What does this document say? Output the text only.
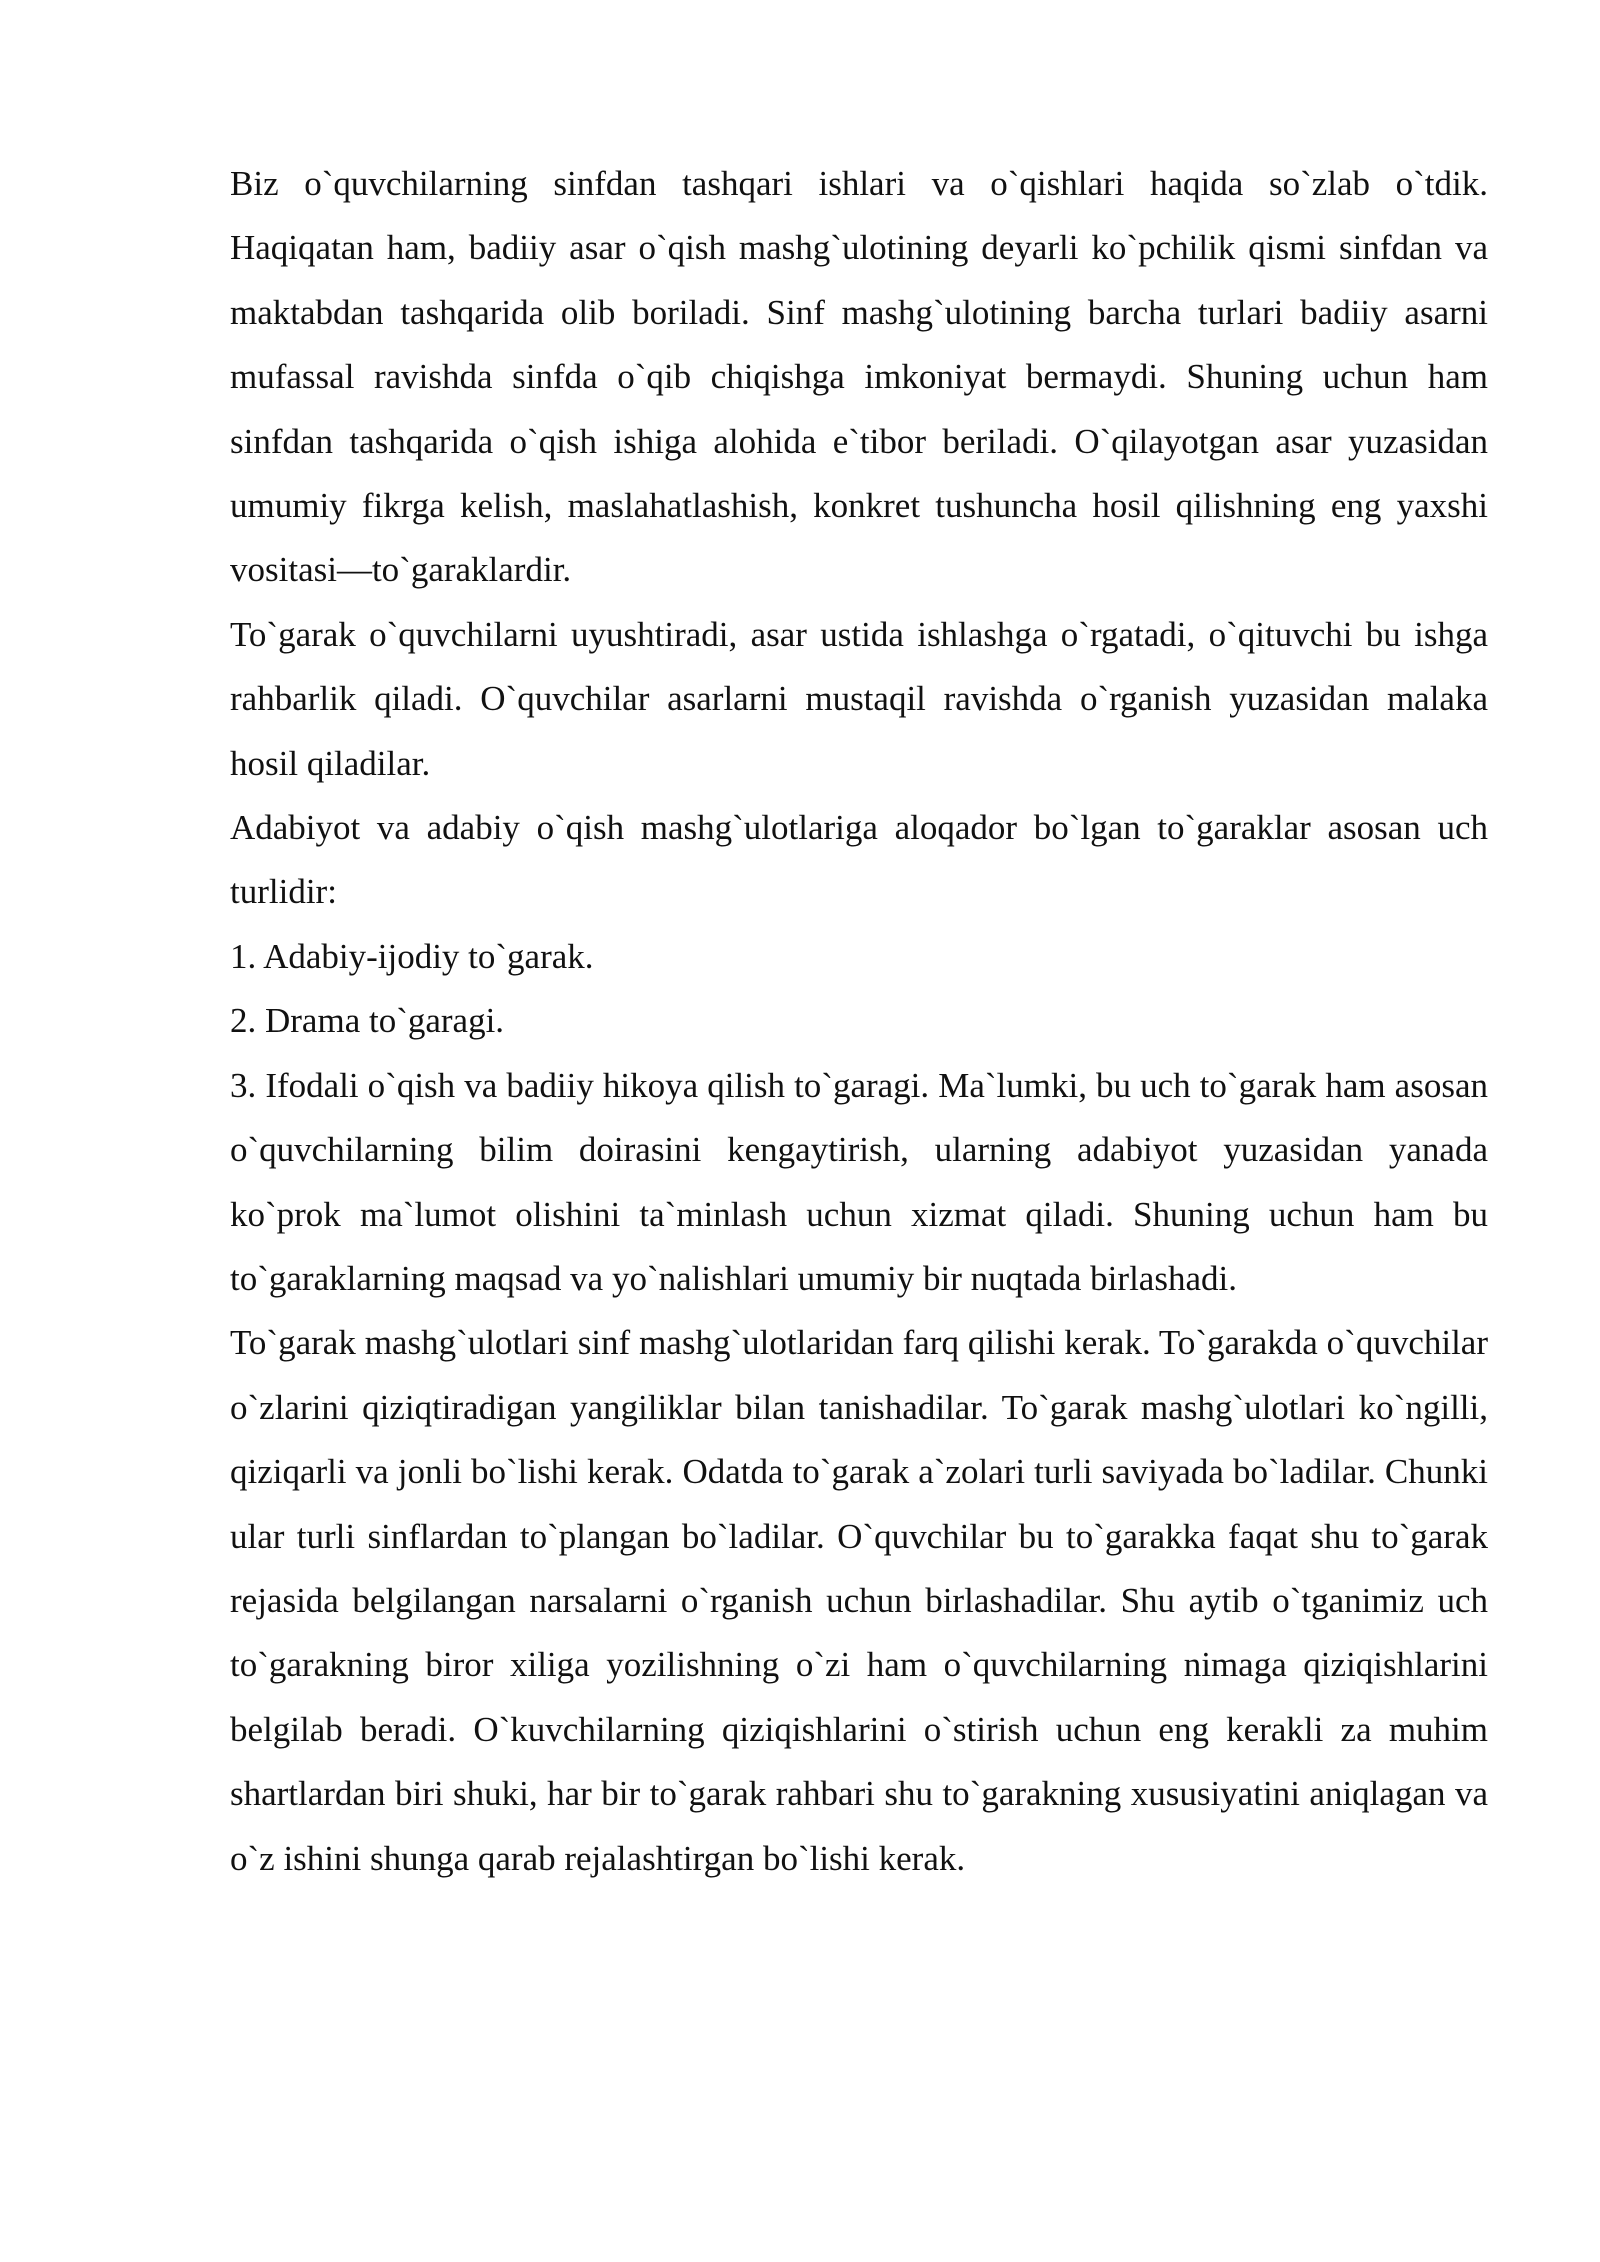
Biz o`quvchilarning sinfdan tashqari ishlari va o`qishlari haqida so`zlab o`tdik. Haqiqatan ham, badiiy asar o`qish mashg`ulotining deyarli ko`pchilik qismi sinfdan va maktabdan tashqarida olib boriladi. Sinf mashg`ulotining barcha turlari badiiy asarni mufassal ravishda sinfda o`qib chiqishga imkoniyat bermaydi. Shuning uchun ham sinfdan tashqarida o`qish ishiga alohida e`tibor beriladi. O`qilayotgan asar yuzasidan umumiy fikrga kelish, maslahatlashish, konkret tushuncha hosil qilishning eng yaxshi vositasi—to`garaklardir.

To`garak o`quvchilarni uyushtiradi, asar ustida ishlashga o`rgatadi, o`qituvchi bu ishga rahbarlik qiladi. O`quvchilar asarlarni mustaqil ravishda o`rganish yuzasidan malaka hosil qiladilar.

Adabiyot va adabiy o`qish mashg`ulotlariga aloqador bo`lgan to`garaklar asosan uch turlidir:

1. Adabiy-ijodiy to`garak.

2. Drama to`garagi.

3. Ifodali o`qish va badiiy hikoya qilish to`garagi. Ma`lumki, bu uch to`garak ham asosan o`quvchilarning bilim doirasini kengaytirish, ularning adabiyot yuzasidan yanada ko`prok ma`lumot olishini ta`minlash uchun xizmat qiladi. Shuning uchun ham bu to`garaklarning maqsad va yo`nalishlari umumiy bir nuqtada birlashadi.

To`garak mashg`ulotlari sinf mashg`ulotlaridan farq qilishi kerak. To`garakda o`quvchilar o`zlarini qiziqtiradigan yangiliklar bilan tanishadilar. To`garak mashg`ulotlari ko`ngilli, qiziqarli va jonli bo`lishi kerak. Odatda to`garak a`zolari turli saviyada bo`ladilar. Chunki ular turli sinflardan to`plangan bo`ladilar. O`quvchilar bu to`garakka faqat shu to`garak rejasida belgilangan narsalarni o`rganish uchun birlashadilar. Shu aytib o`tganimiz uch to`garakning biror xiliga yozilishning o`zi ham o`quvchilarning nimaga qiziqishlarini belgilab beradi. O`kuvchilarning qiziqishlarini o`stirish uchun eng kerakli za muhim shartlardan biri shuki, har bir to`garak rahbari shu to`garakning xususiyatini aniqlagan va o`z ishini shunga qarab rejalashtirgan bo`lishi kerak.
